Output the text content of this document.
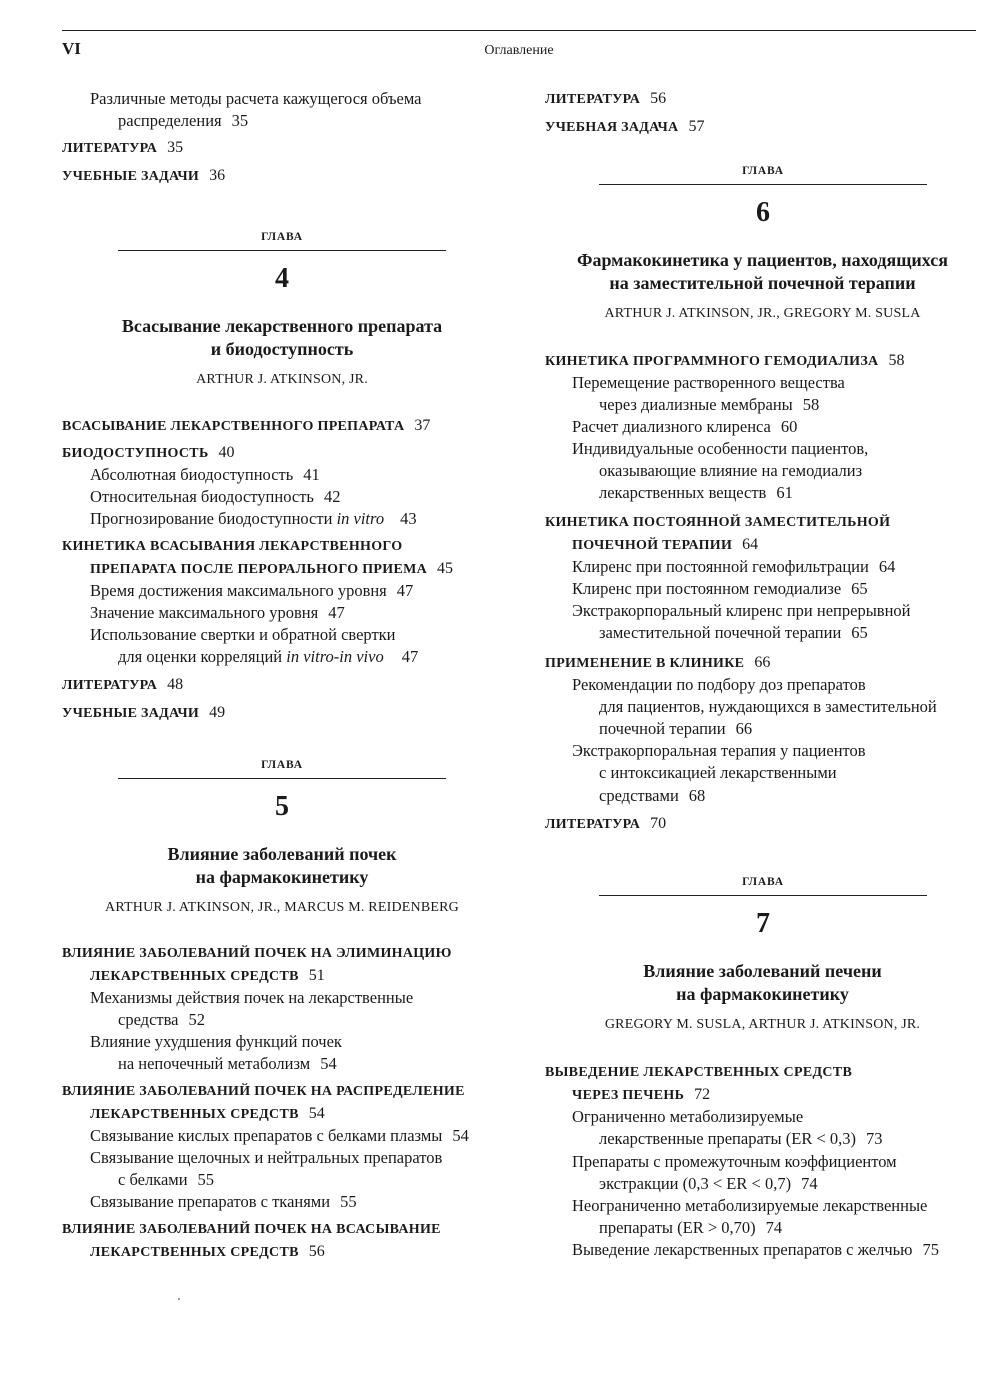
VI	Оглавление
Различные методы расчета кажущегося объема
распределения 35
ЛИТЕРАТУРА 35
УЧЕБНЫЕ ЗАДАЧИ 36
ГЛАВА
4
Всасывание лекарственного препарата
и биодоступность
ARTHUR J. ATKINSON, JR.
ВСАСЫВАНИЕ ЛЕКАРСТВЕННОГО ПРЕПАРАТА 37
БИОДОСТУПНОСТЬ 40
Абсолютная биодоступность 41
Относительная биодоступность 42
Прогнозирование биодоступности in vitro 43
КИНЕТИКА ВСАСЫВАНИЯ ЛЕКАРСТВЕННОГО
ПРЕПАРАТА ПОСЛЕ ПЕРОРАЛЬНОГО ПРИЕМА 45
Время достижения максимального уровня 47
Значение максимального уровня 47
Использование свертки и обратной свертки
для оценки корреляций in vitro-in vivo 47
ЛИТЕРАТУРА 48
УЧЕБНЫЕ ЗАДАЧИ 49
ГЛАВА
5
Влияние заболеваний почек
на фармакокинетику
ARTHUR J. ATKINSON, JR., MARCUS M. REIDENBERG
ВЛИЯНИЕ ЗАБОЛЕВАНИЙ ПОЧЕК НА ЭЛИМИНАЦИЮ
ЛЕКАРСТВЕННЫХ СРЕДСТВ 51
Механизмы действия почек на лекарственные
средства 52
Влияние ухудшения функций почек
на непочечный метаболизм 54
ВЛИЯНИЕ ЗАБОЛЕВАНИЙ ПОЧЕК НА РАСПРЕДЕЛЕНИЕ
ЛЕКАРСТВЕННЫХ СРЕДСТВ 54
Связывание кислых препаратов с белками плазмы 54
Связывание щелочных и нейтральных препаратов
с белками 55
Связывание препаратов с тканями 55
ВЛИЯНИЕ ЗАБОЛЕВАНИЙ ПОЧЕК НА ВСАСЫВАНИЕ
ЛЕКАРСТВЕННЫХ СРЕДСТВ 56
ЛИТЕРАТУРА 56
УЧЕБНАЯ ЗАДАЧА 57
ГЛАВА
6
Фармакокинетика у пациентов, находящихся
на заместительной почечной терапии
ARTHUR J. ATKINSON, JR., GREGORY M. SUSLA
КИНЕТИКА ПРОГРАММНОГО ГЕМОДИАЛИЗА 58
Перемещение растворенного вещества
через диализные мембраны 58
Расчет диализного клиренса 60
Индивидуальные особенности пациентов,
оказывающие влияние на гемодиализ
лекарственных веществ 61
КИНЕТИКА ПОСТОЯННОЙ ЗАМЕСТИТЕЛЬНОЙ
ПОЧЕЧНОЙ ТЕРАПИИ 64
Клиренс при постоянной гемофильтрации 64
Клиренс при постоянном гемодиализе 65
Экстракорпоральный клиренс при непрерывной
заместительной почечной терапии 65
ПРИМЕНЕНИЕ В КЛИНИКЕ 66
Рекомендации по подбору доз препаратов
для пациентов, нуждающихся в заместительной
почечной терапии 66
Экстракорпоральная терапия у пациентов
с интоксикацией лекарственными
средствами 68
ЛИТЕРАТУРА 70
ГЛАВА
7
Влияние заболеваний печени
на фармакокинетику
GREGORY M. SUSLA, ARTHUR J. ATKINSON, JR.
ВЫВЕДЕНИЕ ЛЕКАРСТВЕННЫХ СРЕДСТВ
ЧЕРЕЗ ПЕЧЕНЬ 72
Ограниченно метаболизируемые
лекарственные препараты (ER < 0,3) 73
Препараты с промежуточным коэффициентом
экстракции (0,3 < ER < 0,7) 74
Неограниченно метаболизируемые лекарственные
препараты (ER > 0,70) 74
Выведение лекарственных препаратов с желчью 75
